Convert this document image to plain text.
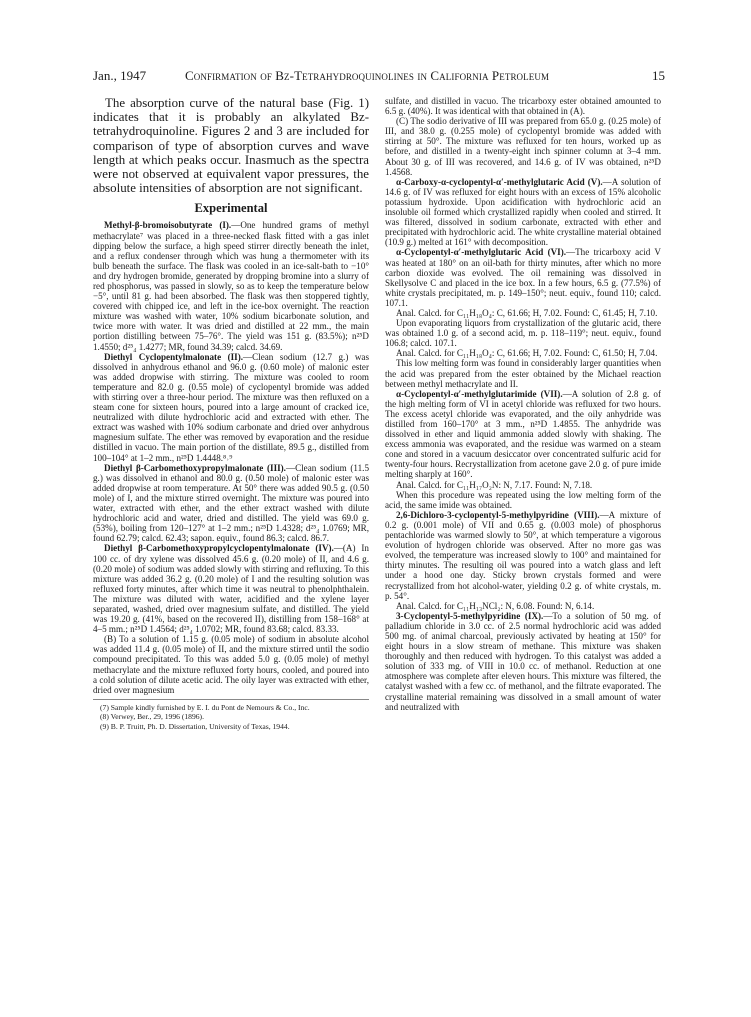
Jan., 1947	Confirmation of Bz-Tetrahydroquinolines in California Petroleum	15

The absorption curve of the natural base (Fig. 1) indicates that it is probably an alkylated Bz-tetrahydroquinoline. Figures 2 and 3 are included for comparison of type of absorption curves and wave length at which peaks occur. Inasmuch as the spectra were not observed at equivalent vapor pressures, the absolute intensities of absorption are not significant.

Experimental

Methyl-β-bromoisobutyrate (I).—One hundred grams of methyl methacrylate⁷ was placed in a three-necked flask fitted with a gas inlet dipping below the surface, a high speed stirrer directly beneath the inlet, and a reflux condenser through which was hung a thermometer with its bulb beneath the surface. The flask was cooled in an ice-salt-bath to −10° and dry hydrogen bromide, generated by dropping bromine into a slurry of red phosphorus, was passed in slowly, so as to keep the temperature below −5°, until 81 g. had been absorbed. The flask was then stoppered tightly, covered with chipped ice, and left in the ice-box overnight. The reaction mixture was washed with water, 10% sodium bicarbonate solution, and twice more with water. It was dried and distilled at 22 mm., the main portion distilling between 75–76°. The yield was 151 g. (83.5%); n²⁵D 1.4550; d²⁵₄ 1.4277; MR, found 34.39; calcd. 34.69.

Diethyl Cyclopentylmalonate (II).—Clean sodium (12.7 g.) was dissolved in anhydrous ethanol and 96.0 g. (0.60 mole) of malonic ester was added dropwise with stirring. The mixture was cooled to room temperature and 82.0 g. (0.55 mole) of cyclopentyl bromide was added with stirring over a three-hour period. The mixture was then refluxed on a steam cone for sixteen hours, poured into a large amount of cracked ice, neutralized with dilute hydrochloric acid and extracted with ether. The extract was washed with 10% sodium carbonate and dried over anhydrous magnesium sulfate. The ether was removed by evaporation and the residue distilled in vacuo. The main portion of the distillate, 89.5 g., distilled from 100–104° at 1–2 mm., n²⁵D 1.4448.⁸˒⁹

Diethyl β-Carbomethoxypropylmalonate (III).—Clean sodium (11.5 g.) was dissolved in ethanol and 80.0 g. (0.50 mole) of malonic ester was added dropwise at room temperature. At 50° there was added 90.5 g. (0.50 mole) of I, and the mixture stirred overnight. The mixture was poured into water, extracted with ether, and the ether extract washed with dilute hydrochloric acid and water, dried and distilled. The yield was 69.0 g. (53%), boiling from 120–127° at 1–2 mm.; n²⁵D 1.4328; d²⁵₄ 1.0769; MR, found 62.79; calcd. 62.43; sapon. equiv., found 86.3; calcd. 86.7.

Diethyl β-Carbomethoxypropylcyclopentylmalonate (IV).—(A) In 100 cc. of dry xylene was dissolved 45.6 g. (0.20 mole) of II, and 4.6 g. (0.20 mole) of sodium was added slowly with stirring and refluxing. To this mixture was added 36.2 g. (0.20 mole) of I and the resulting solution was refluxed forty minutes, after which time it was neutral to phenolphthalein. The mixture was diluted with water, acidified and the xylene layer separated, washed, dried over magnesium sulfate, and distilled. The yield was 19.20 g. (41%, based on the recovered II), distilling from 158–168° at 4–5 mm.; n²⁵D 1.4564; d²⁵₄ 1.0702; MR, found 83.68; calcd. 83.33.

(B) To a solution of 1.15 g. (0.05 mole) of sodium in absolute alcohol was added 11.4 g. (0.05 mole) of II, and the mixture stirred until the sodio compound precipitated. To this was added 5.0 g. (0.05 mole) of methyl methacrylate and the mixture refluxed forty hours, cooled, and poured into a cold solution of dilute acetic acid. The oily layer was extracted with ether, dried over magnesium

(7) Sample kindly furnished by E. I. du Pont de Nemours & Co., Inc.

(8) Verwey, Ber., 29, 1996 (1896).

(9) B. P. Truitt, Ph. D. Dissertation, University of Texas, 1944.

sulfate, and distilled in vacuo. The tricarboxy ester obtained amounted to 6.5 g. (40%). It was identical with that obtained in (A).

(C) The sodio derivative of III was prepared from 65.0 g. (0.25 mole) of III, and 38.0 g. (0.255 mole) of cyclopentyl bromide was added with stirring at 50°. The mixture was refluxed for ten hours, worked up as before, and distilled in a twenty-eight inch spinner column at 3–4 mm. About 30 g. of III was recovered, and 14.6 g. of IV was obtained, n²⁵D 1.4568.

α-Carboxy-α-cyclopentyl-α′-methylglutaric Acid (V).—A solution of 14.6 g. of IV was refluxed for eight hours with an excess of 15% alcoholic potassium hydroxide. Upon acidification with hydrochloric acid an insoluble oil formed which crystallized rapidly when cooled and stirred. It was filtered, dissolved in sodium carbonate, extracted with ether and precipitated with hydrochloric acid. The white crystalline material obtained (10.9 g.) melted at 161° with decomposition.

α-Cyclopentyl-α′-methylglutaric Acid (VI).—The tricarboxy acid V was heated at 180° on an oil-bath for thirty minutes, after which no more carbon dioxide was evolved. The oil remaining was dissolved in Skellysolve C and placed in the ice box. In a few hours, 6.5 g. (77.5%) of white crystals precipitated, m. p. 149–150°; neut. equiv., found 110; calcd. 107.1.

Anal. Calcd. for C₁₁H₁₈O₄: C, 61.66; H, 7.02. Found: C, 61.45; H, 7.10.

Upon evaporating liquors from crystallization of the glutaric acid, there was obtained 1.0 g. of a second acid, m. p. 118–119°; neut. equiv., found 106.8; calcd. 107.1.

Anal. Calcd. for C₁₁H₁₈O₄: C, 61.66; H, 7.02. Found: C, 61.50; H, 7.04.

This low melting form was found in considerably larger quantities when the acid was prepared from the ester obtained by the Michael reaction between methyl methacrylate and II.

α-Cyclopentyl-α′-methylglutarimide (VII).—A solution of 2.8 g. of the high melting form of VI in acetyl chloride was refluxed for two hours. The excess acetyl chloride was evaporated, and the oily anhydride was distilled from 160–170° at 3 mm., n²⁵D 1.4855. The anhydride was dissolved in ether and liquid ammonia added slowly with shaking. The excess ammonia was evaporated, and the residue was warmed on a steam cone and stored in a vacuum desiccator over concentrated sulfuric acid for twenty-four hours. Recrystallization from acetone gave 2.0 g. of pure imide melting sharply at 160°.

Anal. Calcd. for C₁₁H₁₇O₂N: N, 7.17. Found: N, 7.18.

When this procedure was repeated using the low melting form of the acid, the same imide was obtained.

2,6-Dichloro-3-cyclopentyl-5-methylpyridine (VIII).—A mixture of 0.2 g. (0.001 mole) of VII and 0.65 g. (0.003 mole) of phosphorus pentachloride was warmed slowly to 50°, at which temperature a vigorous evolution of hydrogen chloride was observed. After no more gas was evolved, the temperature was increased slowly to 100° and maintained for thirty minutes. The resulting oil was poured into a watch glass and left under a hood one day. Sticky brown crystals formed and were recrystallized from hot alcohol-water, yielding 0.2 g. of white crystals, m. p. 54°.

Anal. Calcd. for C₁₁H₁₃NCl₂: N, 6.08. Found: N, 6.14.

3-Cyclopentyl-5-methylpyridine (IX).—To a solution of 50 mg. of palladium chloride in 3.0 cc. of 2.5 normal hydrochloric acid was added 500 mg. of animal charcoal, previously activated by heating at 150° for eight hours in a slow stream of methane. This mixture was shaken thoroughly and then reduced with hydrogen. To this catalyst was added a solution of 333 mg. of VIII in 10.0 cc. of methanol. Reduction at one atmosphere was complete after eleven hours. This mixture was filtered, the catalyst washed with a few cc. of methanol, and the filtrate evaporated. The crystalline material remaining was dissolved in a small amount of water and neutralized with
